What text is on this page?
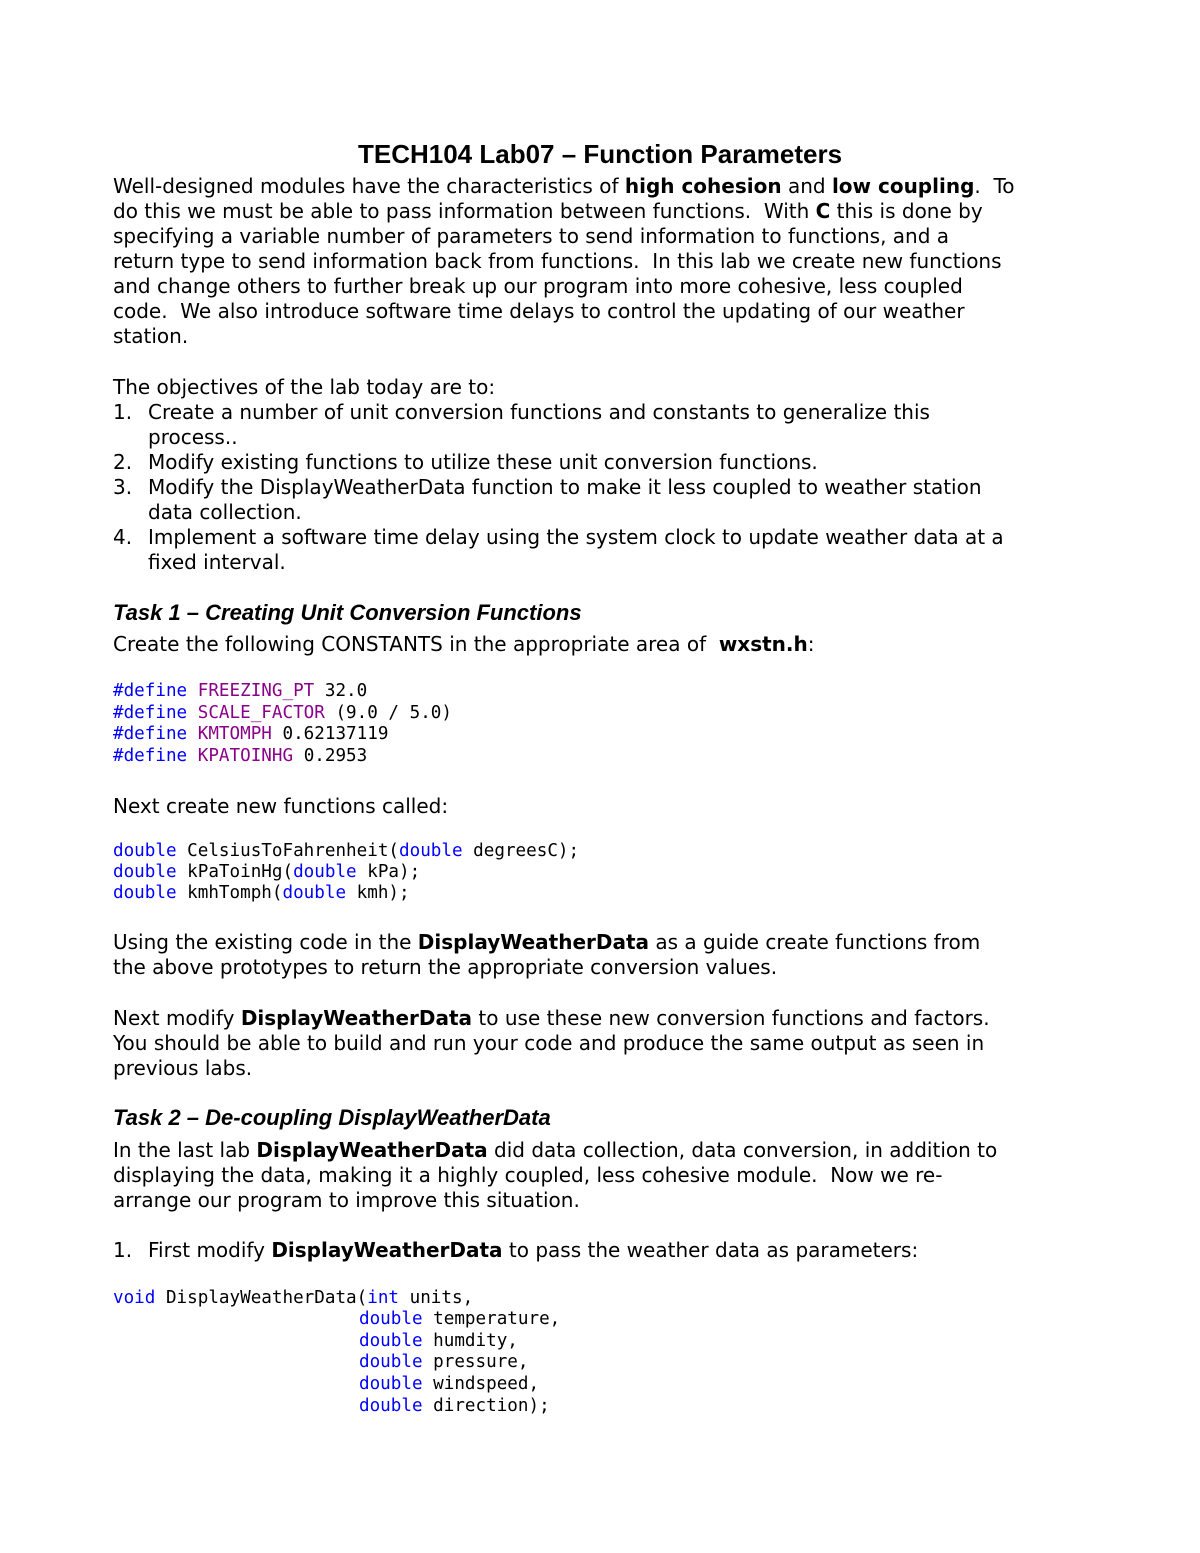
TECH104 Lab07 – Function Parameters
Well-designed modules have the characteristics of high cohesion and low coupling.  To
do this we must be able to pass information between functions.  With C this is done by
specifying a variable number of parameters to send information to functions, and a
return type to send information back from functions.  In this lab we create new functions
and change others to further break up our program into more cohesive, less coupled
code.  We also introduce software time delays to control the updating of our weather
station.
The objectives of the lab today are to:
1. Create a number of unit conversion functions and constants to generalize this
process..
2. Modify existing functions to utilize these unit conversion functions.
3. Modify the DisplayWeatherData function to make it less coupled to weather station
data collection.
4. Implement a software time delay using the system clock to update weather data at a
fixed interval.
Task 1 – Creating Unit Conversion Functions
Create the following CONSTANTS in the appropriate area of  wxstn.h:
#define FREEZING_PT 32.0
#define SCALE_FACTOR (9.0 / 5.0)
#define KMTOMPH 0.62137119
#define KPATOINHG 0.2953
Next create new functions called:
double CelsiusToFahrenheit(double degreesC);
double kPaToinHg(double kPa);
double kmhTomph(double kmh);
Using the existing code in the DisplayWeatherData as a guide create functions from
the above prototypes to return the appropriate conversion values.
Next modify DisplayWeatherData to use these new conversion functions and factors.
You should be able to build and run your code and produce the same output as seen in
previous labs.
Task 2 – De-coupling DisplayWeatherData
In the last lab DisplayWeatherData did data collection, data conversion, in addition to
displaying the data, making it a highly coupled, less cohesive module.  Now we re-
arrange our program to improve this situation.
1. First modify DisplayWeatherData to pass the weather data as parameters:
void DisplayWeatherData(int units,
double temperature,
double humdity,
double pressure,
double windspeed,
double direction);
